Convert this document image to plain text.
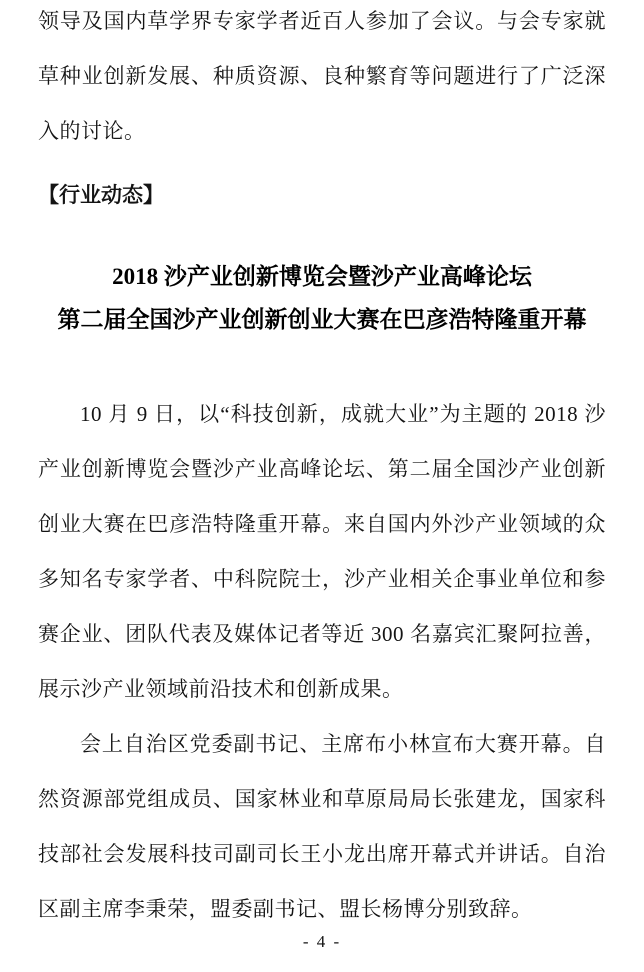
领导及国内草学界专家学者近百人参加了会议。与会专家就草种业创新发展、种质资源、良种繁育等问题进行了广泛深入的讨论。

【行业动态】
2018 沙产业创新博览会暨沙产业高峰论坛
第二届全国沙产业创新创业大赛在巴彦浩特隆重开幕

10 月 9 日，以“科技创新，成就大业”为主题的 2018 沙产业创新博览会暨沙产业高峰论坛、第二届全国沙产业创新创业大赛在巴彦浩特隆重开幕。来自国内外沙产业领域的众多知名专家学者、中科院院士，沙产业相关企事业单位和参赛企业、团队代表及媒体记者等近 300 名嘉宾汇聚阿拉善，展示沙产业领域前沿技术和创新成果。

会上自治区党委副书记、主席布小林宣布大赛开幕。自然资源部党组成员、国家林业和草原局局长张建龙，国家科技部社会发展科技司副司长王小龙出席开幕式并讲话。自治区副主席李秉荣，盟委副书记、盟长杨博分别致辞。

- 4 -
